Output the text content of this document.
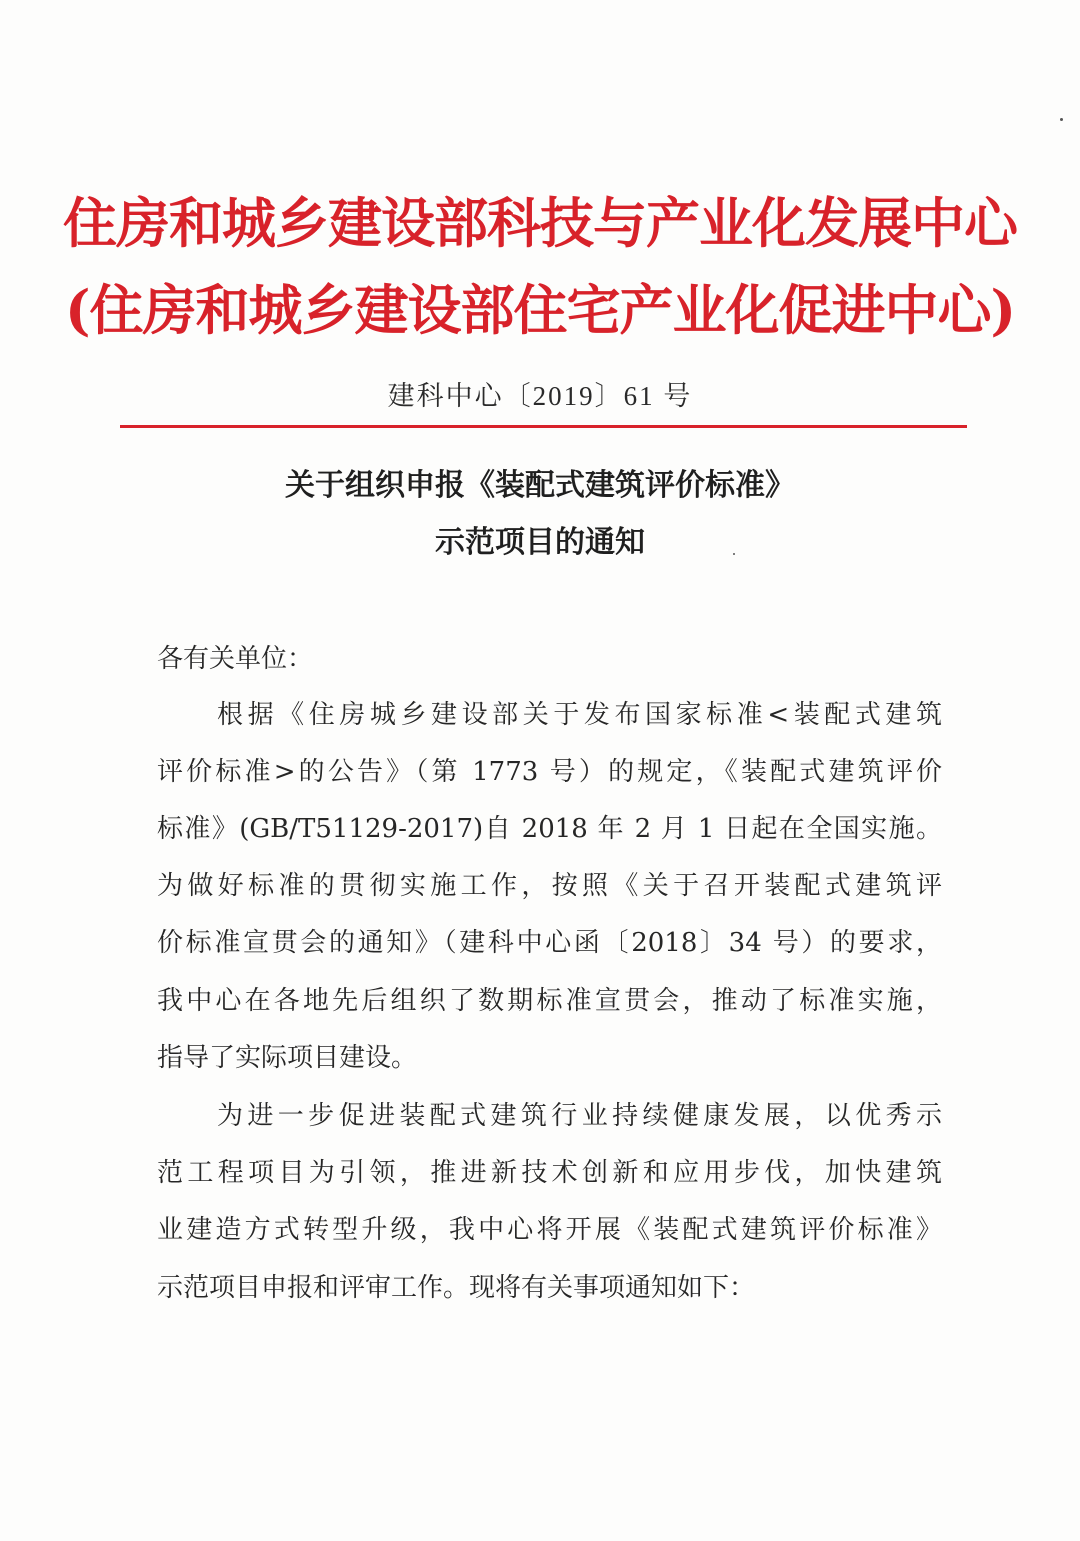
住房和城乡建设部科技与产业化发展中心
(住房和城乡建设部住宅产业化促进中心)
建科中心〔2019〕61 号
关于组织申报《装配式建筑评价标准》
示范项目的通知
各有关单位：
根据《住房城乡建设部关于发布国家标准<装配式建筑
评价标准>的公告》（第 1773 号）的规定，《装配式建筑评价
标准》(GB/T51129-2017)自 2018 年 2 月 1 日起在全国实施。
为做好标准的贯彻实施工作，按照《关于召开装配式建筑评
价标准宣贯会的通知》（建科中心函〔2018〕34 号）的要求，
我中心在各地先后组织了数期标准宣贯会，推动了标准实施，
指导了实际项目建设。
为进一步促进装配式建筑行业持续健康发展，以优秀示
范工程项目为引领，推进新技术创新和应用步伐，加快建筑
业建造方式转型升级，我中心将开展《装配式建筑评价标准》
示范项目申报和评审工作。现将有关事项通知如下：
